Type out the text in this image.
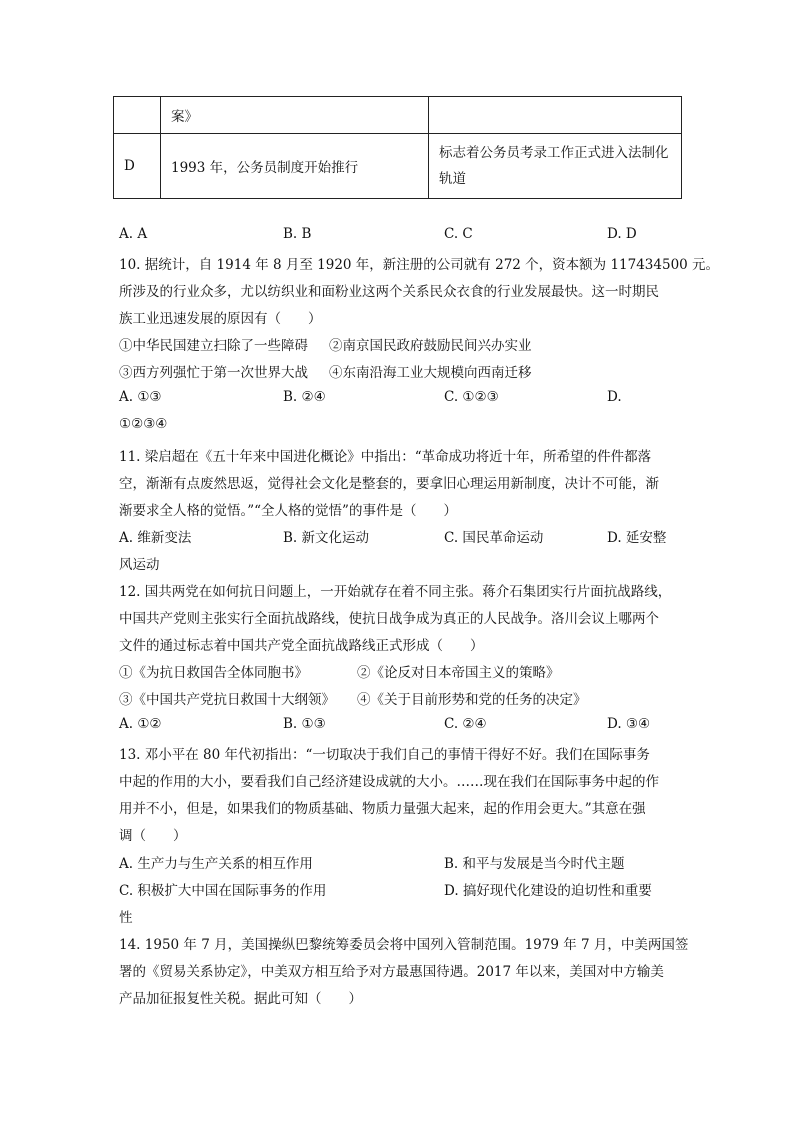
	案》	
D	1993 年，公务员制度开始推行	标志着公务员考录工作正式进入法制化
轨道
A. A	B. B	C. C	D. D
10. 据统计，自 1914 年 8 月至 1920 年，新注册的公司就有 272 个，资本额为 117434500 元。
所涉及的行业众多，尤以纺织业和面粉业这两个关系民众衣食的行业发展最快。这一时期民
族工业迅速发展的原因有（　　）
①中华民国建立扫除了一些障碍 ②南京国民政府鼓励民间兴办实业
③西方列强忙于第一次世界大战 ④东南沿海工业大规模向西南迁移
A. ①③	B. ②④	C. ①②③	D.
①②③④
11. 梁启超在《五十年来中国进化概论》中指出：“革命成功将近十年，所希望的件件都落
空，渐渐有点废然思返，觉得社会文化是整套的，要拿旧心理运用新制度，决计不可能，渐
渐要求全人格的觉悟。”“全人格的觉悟”的事件是（　　）
A. 维新变法	B. 新文化运动	C. 国民革命运动	D. 延安整
风运动
12. 国共两党在如何抗日问题上，一开始就存在着不同主张。蒋介石集团实行片面抗战路线，
中国共产党则主张实行全面抗战路线，使抗日战争成为真正的人民战争。洛川会议上哪两个
文件的通过标志着中国共产党全面抗战路线正式形成（　　）
①《为抗日救国告全体同胞书》	②《论反对日本帝国主义的策略》
③《中国共产党抗日救国十大纲领》 ④《关于目前形势和党的任务的决定》
A. ①②	B. ①③	C. ②④	D. ③④
13. 邓小平在 80 年代初指出：“一切取决于我们自己的事情干得好不好。我们在国际事务
中起的作用的大小，要看我们自己经济建设成就的大小。……现在我们在国际事务中起的作
用并不小，但是，如果我们的物质基础、物质力量强大起来，起的作用会更大。”其意在强
调（　　）
A. 生产力与生产关系的相互作用	B. 和平与发展是当今时代主题
C. 积极扩大中国在国际事务的作用	D. 搞好现代化建设的迫切性和重要
性
14. 1950 年 7 月，美国操纵巴黎统筹委员会将中国列入管制范围。1979 年 7 月，中美两国签
署的《贸易关系协定》，中美双方相互给予对方最惠国待遇。2017 年以来，美国对中方输美
产品加征报复性关税。据此可知（　　）
